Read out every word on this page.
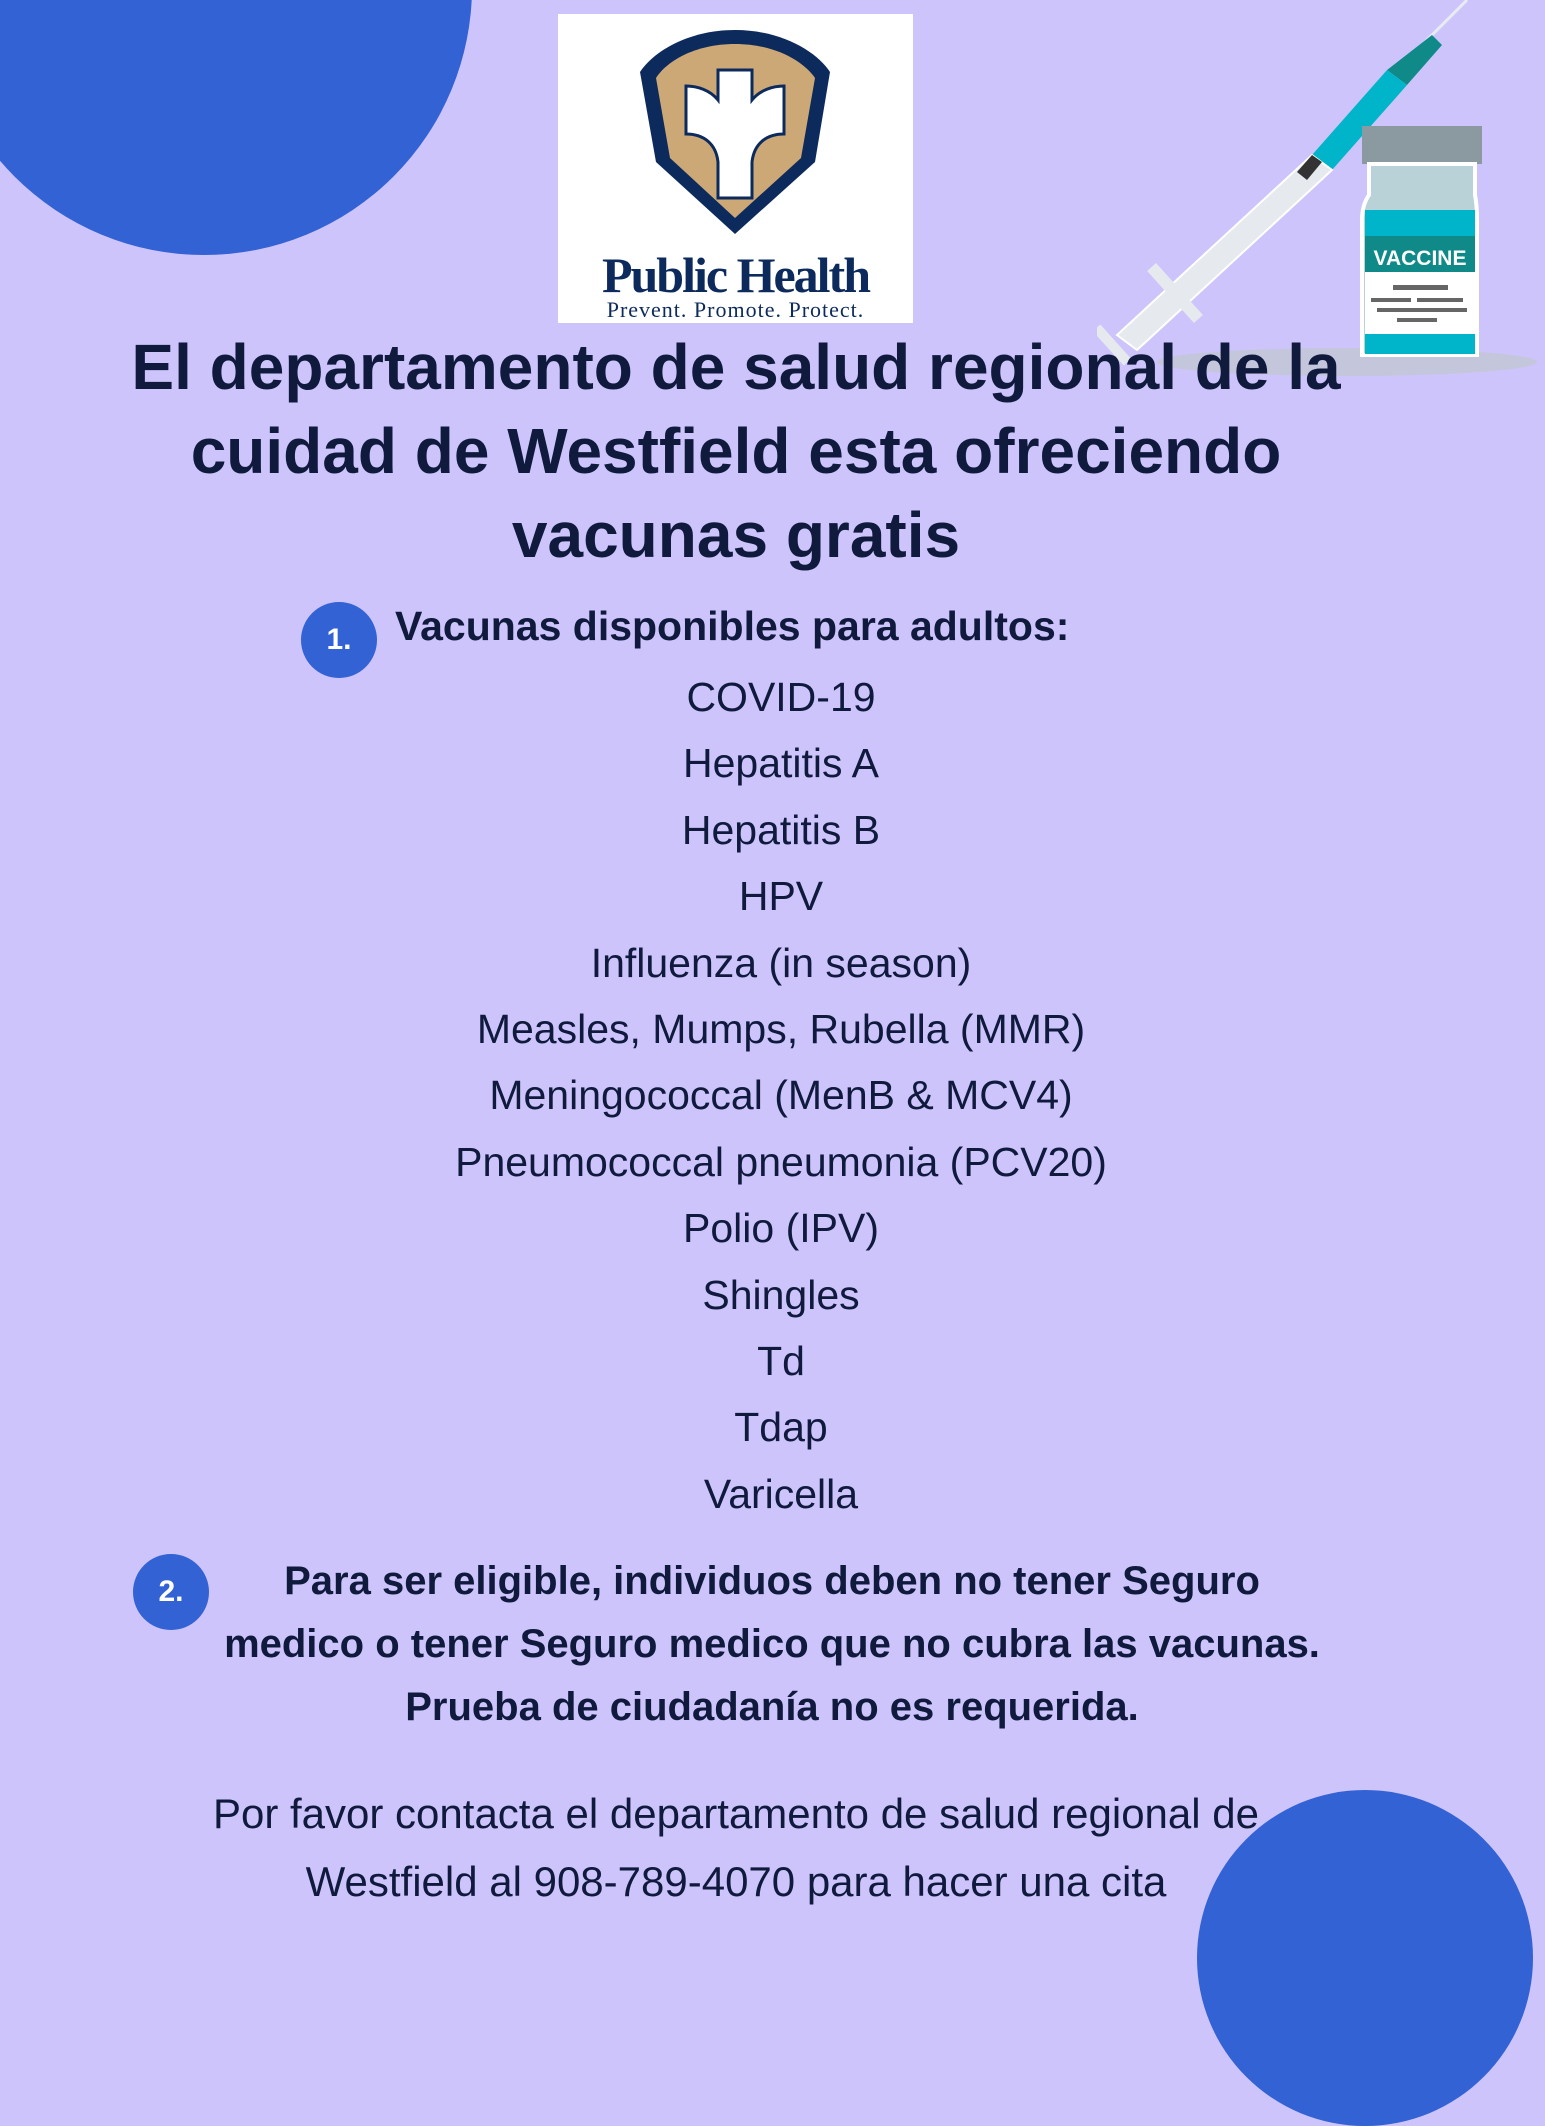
Public Health
Prevent. Promote. Protect.
VACCINE
El departamento de salud regional de la cuidad de Westfield esta ofreciendo vacunas gratis
1.	Vacunas disponibles para adultos:
COVID-19
Hepatitis A
Hepatitis B
HPV
Influenza (in season)
Measles, Mumps, Rubella (MMR)
Meningococcal (MenB & MCV4)
Pneumococcal pneumonia (PCV20)
Polio (IPV)
Shingles
Td
Tdap
Varicella
2.	Para ser eligible, individuos deben no tener Seguro medico o tener Seguro medico que no cubra las vacunas. Prueba de ciudadanía no es requerida.
Por favor contacta el departamento de salud regional de Westfield al 908-789-4070 para hacer una cita
